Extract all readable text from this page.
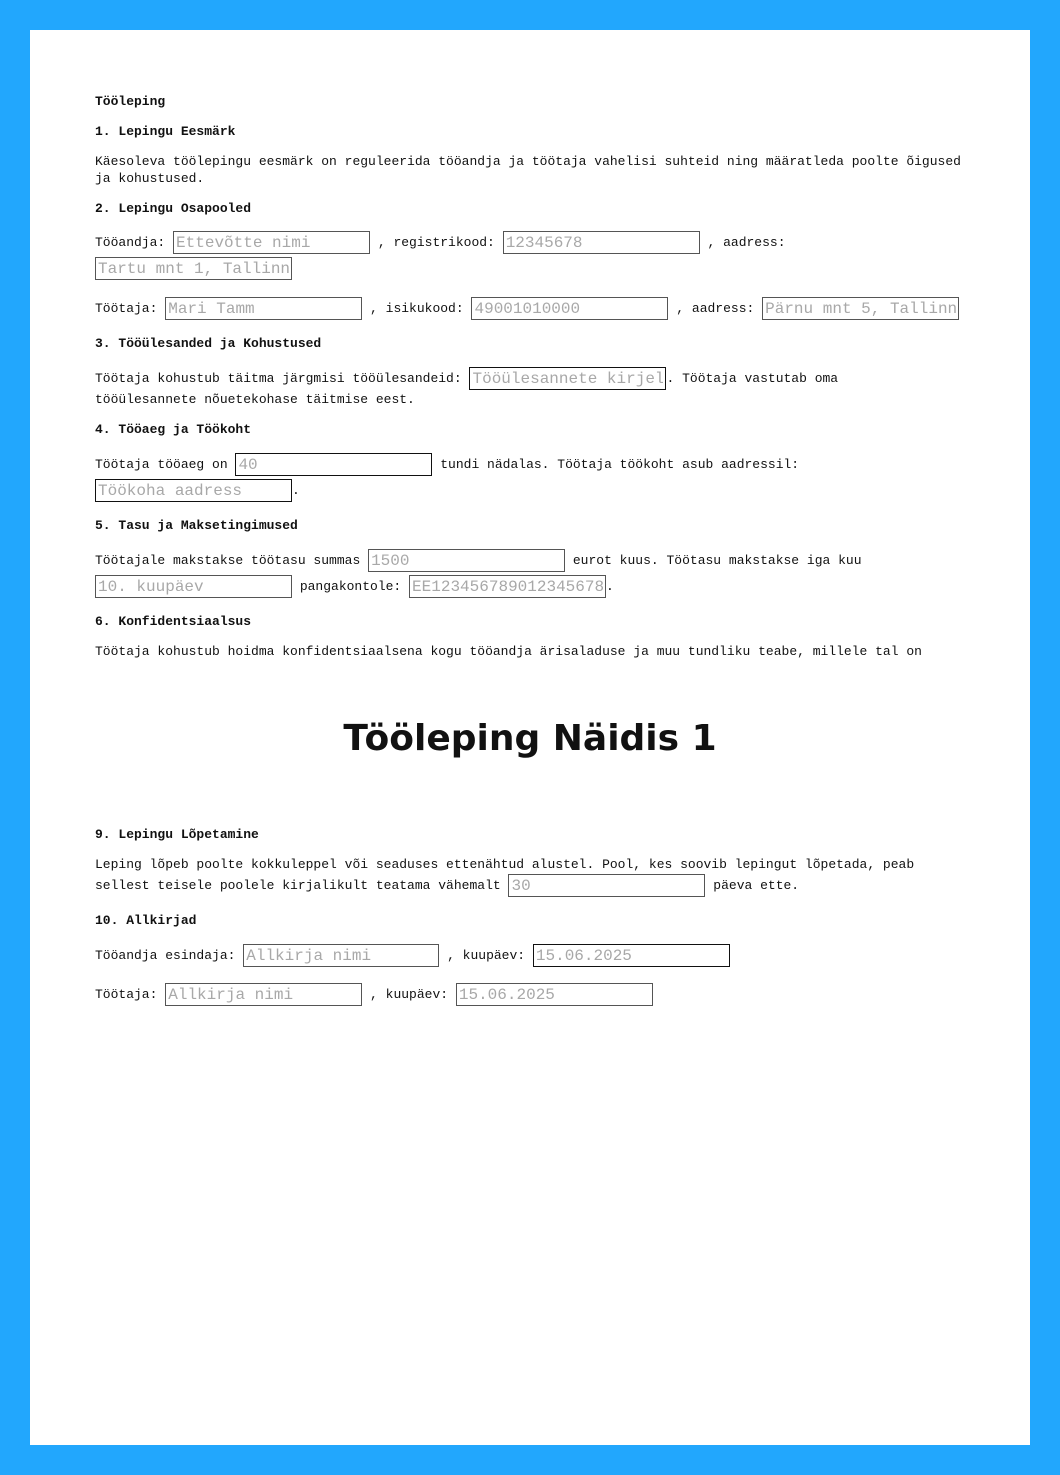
Tööleping
1. Lepingu Eesmärk
Käesoleva töölepingu eesmärk on reguleerida tööandja ja töötaja vahelisi suhteid ning määratleda poolte õigused ja kohustused.
2. Lepingu Osapooled
Tööandja: Ettevõtte nimi	, registrikood: 12345678	, aadress:
Tartu mnt 1, Tallinn
Töötaja: Mari Tamm	, isikukood: 49001010000	, aadress: Pärnu mnt 5, Tallinn
3. Tööülesanded ja Kohustused
Töötaja kohustub täitma järgmisi tööülesandeid: Tööülesannete kirjeldus	. Töötaja vastutab oma
tööülesannete nõuetekohase täitmise eest.
4. Tööaeg ja Töökoht
Töötaja tööaeg on 40	tundi nädalas. Töötaja töökoht asub aadressil:
Töökoha aadress.
5. Tasu ja Maksetingimused
Töötajale makstakse töötasu summas 1500	eurot kuus. Töötasu makstakse iga kuu
10. kuupäev pangakontole: EE123456789012345678	.
6. Konfidentsiaalsus
Töötaja kohustub hoidma konfidentsiaalsena kogu tööandja ärisaladuse ja muu tundliku teabe, millele tal on
Tööleping Näidis 1
9. Lepingu Lõpetamine
Leping lõpeb poolte kokkuleppel või seaduses ettenähtud alustel. Pool, kes soovib lepingut lõpetada, peab
sellest teisele poolele kirjalikult teatama vähemalt 30	päeva ette.
10. Allkirjad
Tööandja esindaja: Allkirja nimi	, kuupäev: 15.06.2025
Töötaja: Allkirja nimi	, kuupäev: 15.06.2025
